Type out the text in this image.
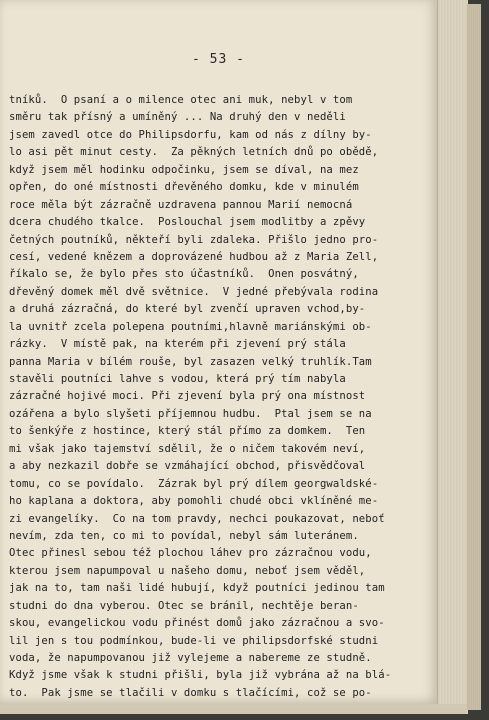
- 53 -
tníků.  O psaní a o milence otec ani muk, nebyl v tom
směru tak přísný a umíněný ... Na druhý den v neděli
jsem zavedl otce do Philipsdorfu, kam od nás z dílny by-
lo asi pět minut cesty.  Za pěkných letních dnů po obědě,
když jsem měl hodinku odpočinku, jsem se díval, na mez
opřen, do oné místnosti dřevěného domku, kde v minulém
roce měla být zázračně uzdravena pannou Marií nemocná
dcera chudého tkalce.  Poslouchal jsem modlitby a zpěvy
četných poutníků, někteří byli zdaleka. Přišlo jedno pro-
cesí, vedené knězem a doprovázené hudbou až z Maria Zell,
říkalo se, že bylo přes sto účastníků.  Onen posvátný,
dřevěný domek měl dvě světnice.  V jedné přebývala rodina
a druhá zázračná, do které byl zvenčí upraven vchod,by-
la uvnitř zcela polepena poutními,hlavně mariánskými ob-
rázky.  V místě pak, na kterém při zjevení prý stála
panna Maria v bílém rouše, byl zasazen velký truhlík.Tam
stavěli poutníci lahve s vodou, která prý tím nabyla
zázračné hojivé moci. Při zjevení byla prý ona místnost
ozářena a bylo slyšeti příjemnou hudbu.  Ptal jsem se na
to šenkýře z hostince, který stál přímo za domkem.  Ten
mi však jako tajemství sdělil, že o ničem takovém neví,
a aby nezkazil dobře se vzmáhající obchod, přisvědčoval
tomu, co se povídalo.  Zázrak byl prý dílem georgwaldské-
ho kaplana a doktora, aby pomohli chudé obci vklíněné me-
zi evangelíky.  Co na tom pravdy, nechci poukazovat, neboť
nevím, zda ten, co mi to povídal, nebyl sám luteránem.
Otec přinesl sebou též plochou láhev pro zázračnou vodu,
kterou jsem napumpoval u našeho domu, neboť jsem věděl,
jak na to, tam naši lidé hubují, když poutníci jedinou tam
studni do dna vyberou. Otec se bránil, nechtěje beran-
skou, evangelickou vodu přinést domů jako zázračnou a svo-
lil jen s tou podmínkou, bude-li ve philipsdorfské studni
voda, že napumpovanou již vylejeme a nabereme ze studně.
Když jsme však k studni přišli, byla již vybrána až na blá-
to.  Pak jsme se tlačili v domku s tlačícími, což se po-
